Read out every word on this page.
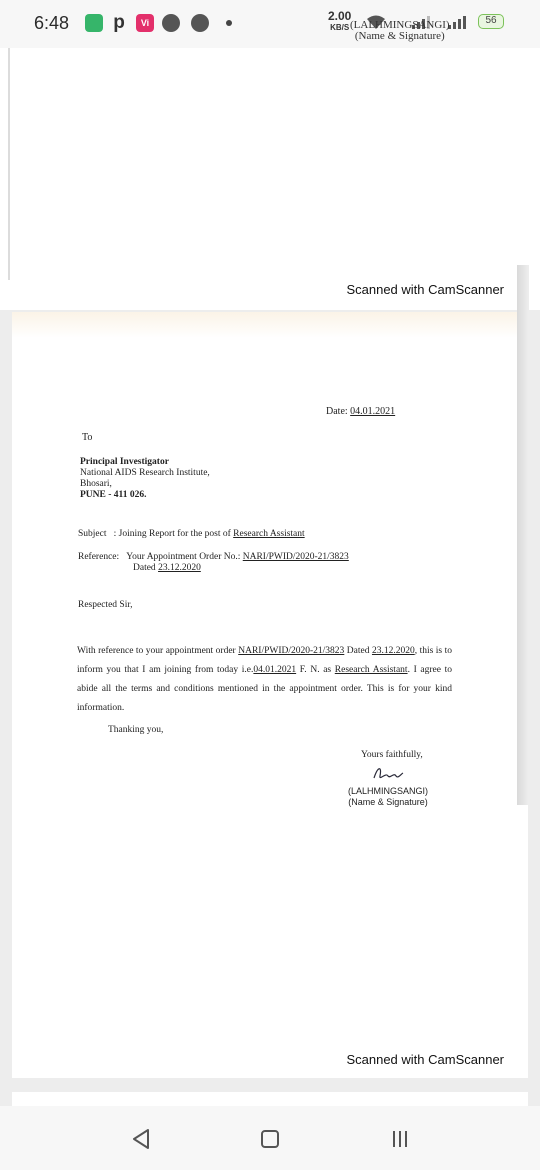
6:48 p	Vi	2.00
KB/S
56
(LALHMINGSANGI)
(Name & Signature)
Scanned with CamScanner
Date: 04.01.2021
To
Principal Investigator
National AIDS Research Institute,
Bhosari,
PUNE - 411 026.
Subject : Joining Report for the post of Research Assistant
Reference: Your Appointment Order No.: NARI/PWID/2020-21/3823
Dated 23.12.2020
Respected Sir,
With reference to your appointment order NARI/PWID/2020-21/3823 Dated 23.12.2020, this is to inform you that I am joining from today i.e.04.01.2021 F. N. as Research Assistant. I agree to abide all the terms and conditions mentioned in the appointment order. This is for your kind information.
Thanking you,
Yours faithfully,
(LALHMINGSANGI)
(Name & Signature)
Scanned with CamScanner
